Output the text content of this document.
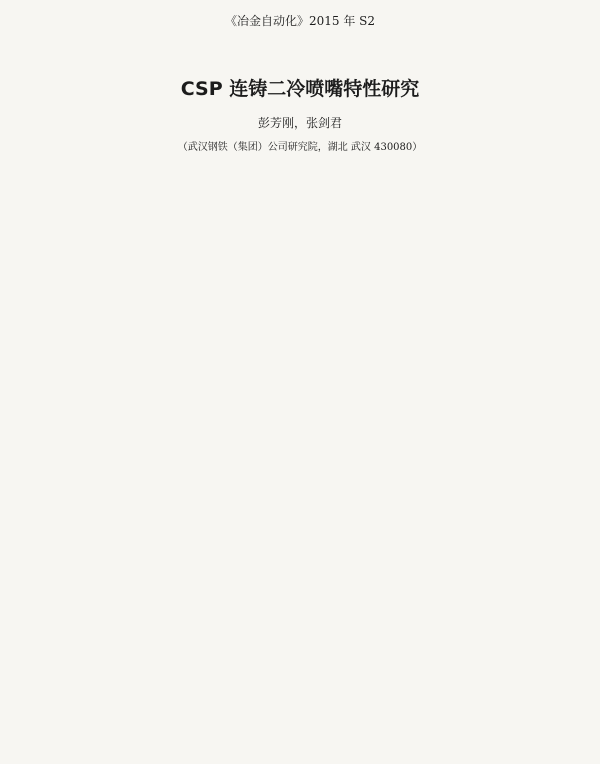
《冶金自动化》2015 年 S2
CSP 连铸二冷喷嘴特性研究
彭芳刚，张剑君
（武汉钢铁（集团）公司研究院，湖北 武汉 430080）
